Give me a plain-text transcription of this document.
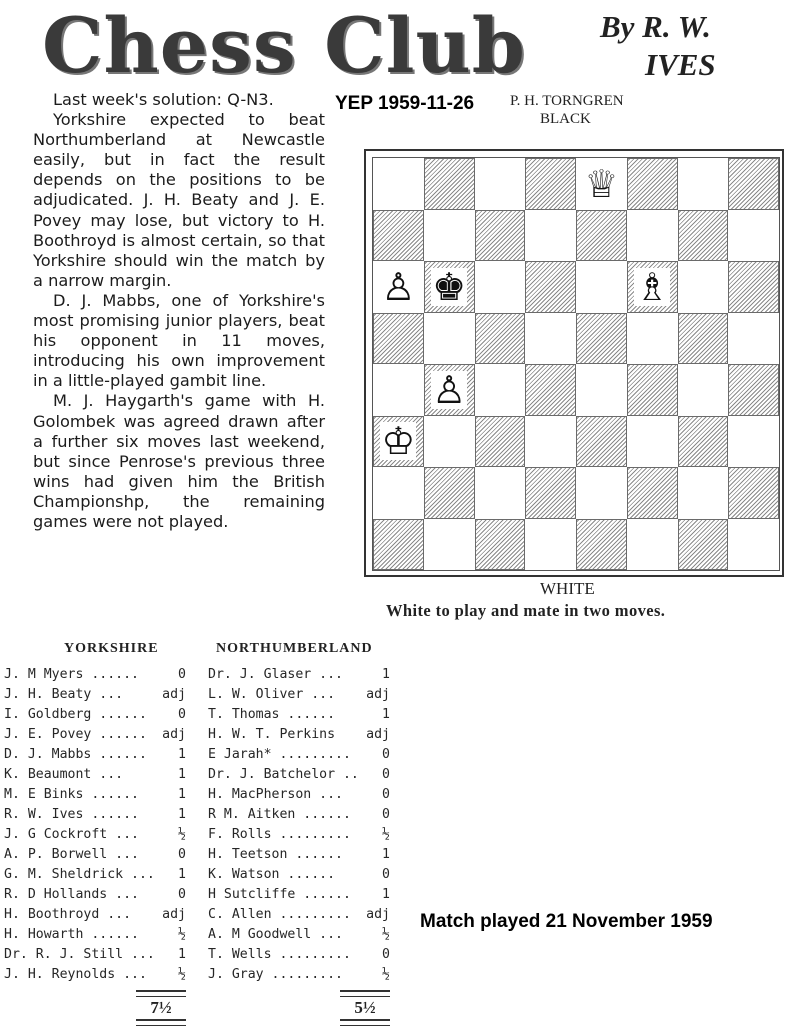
Chess Club	By R. W.
IVES

Last week's solution: Q-N3.

Yorkshire expected to beat Northumberland at Newcastle easily, but in fact the result depends on the positions to be adjudicated. J. H. Beaty and J. E. Povey may lose, but victory to H. Boothroyd is almost certain, so that Yorkshire should win the match by a narrow margin.

D. J. Mabbs, one of Yorkshire's most promising junior players, beat his opponent in 11 moves, introducing his own improvement in a little-played gambit line.

M. J. Haygarth's game with H. Golombek was agreed drawn after a further six moves last weekend, but since Penrose's previous three wins had given him the British Championshp, the remaining games were not played.

YEP 1959-11-26 P. H. TORNGREN
BLACK
♕
♙ ♚	♗
♙
♔
WHITE
White to play and mate in two moves.
YORKSHIRE	NORTHUMBERLAND
J. M Myers ......	0
J. H. Beaty ...	adj
I. Goldberg ...... 0
J. E. Povey ...... adj
D. J. Mabbs ...... 1
K. Beaumont ...	1
M. E Binks ......	1
R. W. Ives ......	1
J. G Cockroft ...	½
A. P. Borwell ...	0
G. M. Sheldrick ... 1
R. D Hollands ...	0
H. Boothroyd ... adj
H. Howarth ......	½
Dr. R. J. Still ... 1
J. H. Reynolds ... ½
Dr. J. Glaser ...	1
L. W. Oliver ... adj
T. Thomas ......	1
H. W. T. Perkins adj
E Jarah* ......... 0
Dr. J. Batchelor .. 0
H. MacPherson ...	0
R M. Aitken ...... 0
F. Rolls ......... ½
H. Teetson ......	1
K. Watson ......	0
H Sutcliffe ...... 1
C. Allen ......... adj
A. M Goodwell ...	½
T. Wells ......... 0
J. Gray .........	½
7½	5½
Match played 21 November 1959
